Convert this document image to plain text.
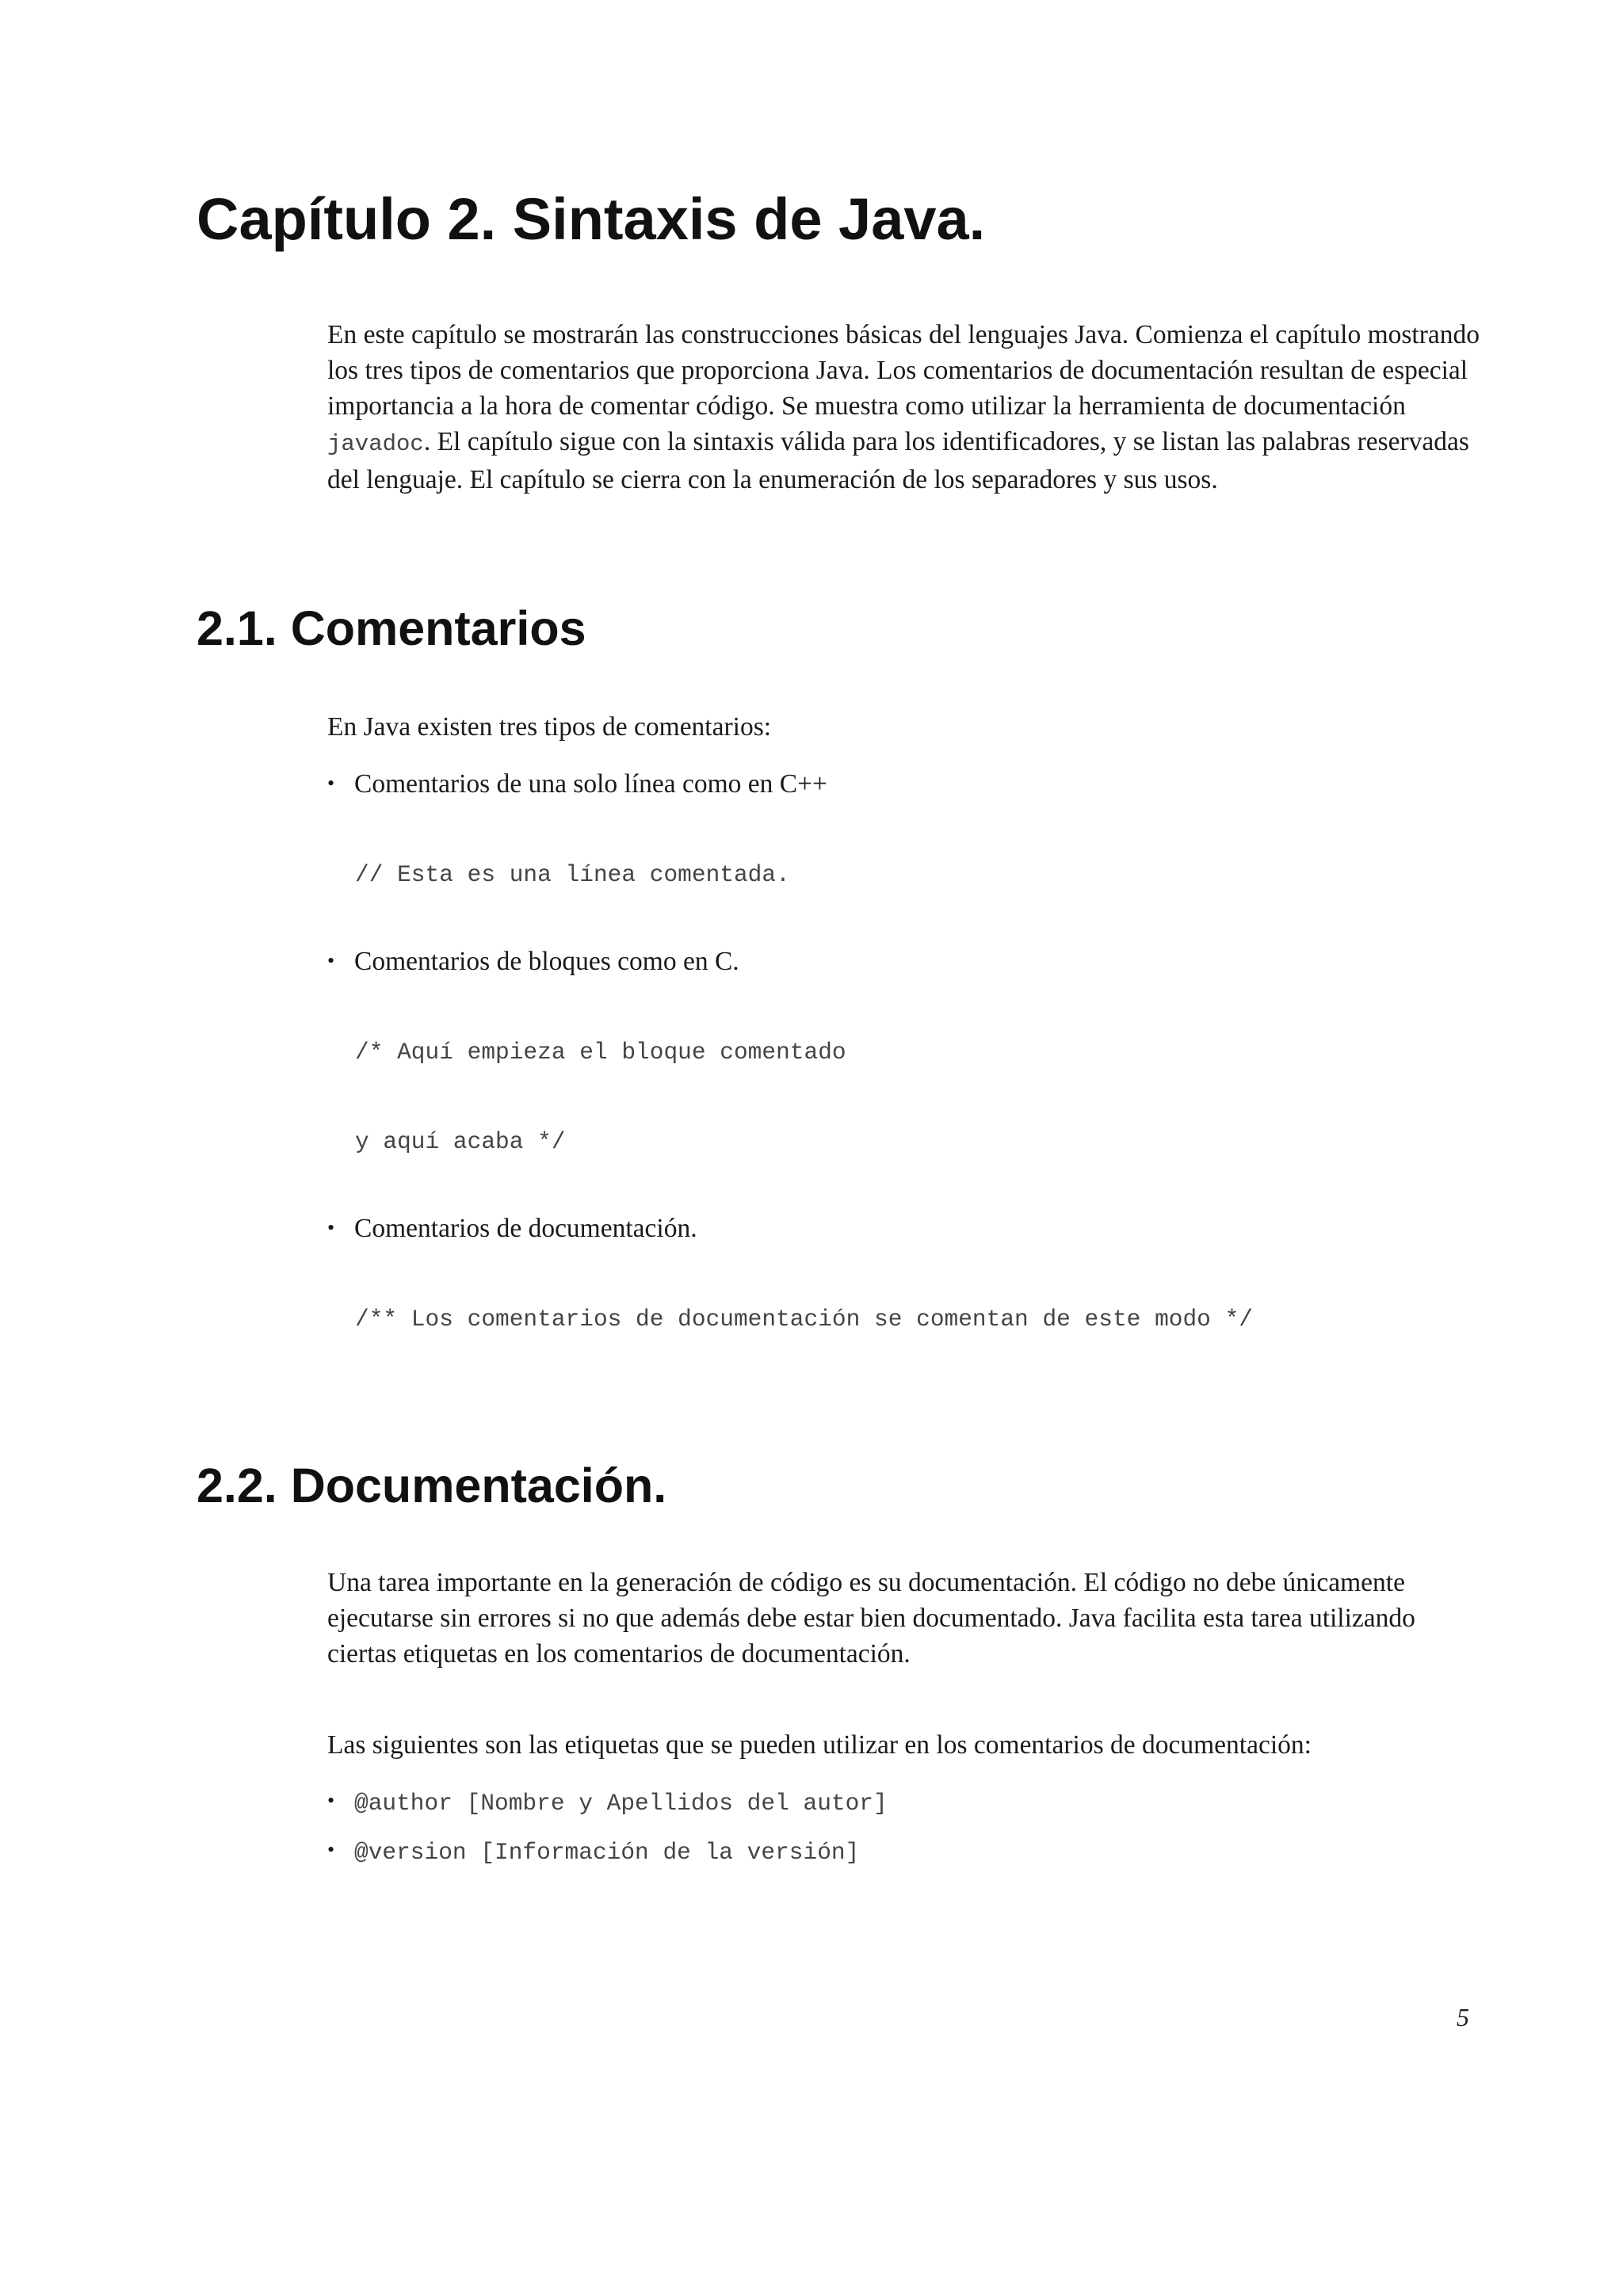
Capítulo 2. Sintaxis de Java.

En este capítulo se mostrarán las construcciones básicas del lenguajes Java. Comienza el capítulo mostrando los tres tipos de comentarios que proporciona Java. Los comentarios de documentación resultan de especial importancia a la hora de comentar código. Se muestra como utilizar la herramienta de documentación javadoc. El capítulo sigue con la sintaxis válida para los identificadores, y se listan las palabras reservadas del lenguaje. El capítulo se cierra con la enumeración de los separadores y sus usos.

2.1. Comentarios

En Java existen tres tipos de comentarios:

• Comentarios de una solo línea como en C++

// Esta es una línea comentada.

• Comentarios de bloques como en C.

/* Aquí empieza el bloque comentado

y aquí acaba */

• Comentarios de documentación.

/** Los comentarios de documentación se comentan de este modo */

2.2. Documentación.

Una tarea importante en la generación de código es su documentación. El código no debe únicamente ejecutarse sin errores si no que además debe estar bien documentado. Java facilita esta tarea utilizando ciertas etiquetas en los comentarios de documentación.

Las siguientes son las etiquetas que se pueden utilizar en los comentarios de documentación:

• @author [Nombre y Apellidos del autor]

• @version [Información de la versión]

5
